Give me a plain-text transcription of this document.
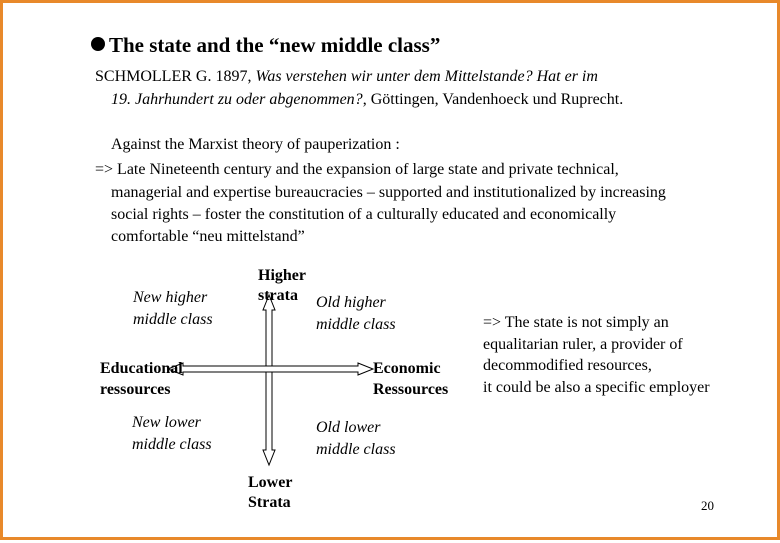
The state and the “new middle class”
SCHMOLLER G. 1897, Was verstehen wir unter dem Mittelstande? Hat er im
19. Jahrhundert zu oder abgenommen?, Göttingen, Vandenhoeck und Ruprecht.
Against the Marxist theory of pauperization :
=> Late Nineteenth century and the expansion of large state and private technical,
managerial and expertise bureaucracies – supported and institutionalized by increasing
social rights – foster the constitution of a culturally educated and economically
comfortable “neu mittelstand”
Higher
strata
Lower
Strata
Educational
ressources
Economic
Ressources
New higher
middle class
Old higher
middle class
New lower
middle class
Old lower
middle class
=> The state is not simply an
equalitarian ruler, a provider of
decommodified resources,
it could be also a specific employer
20
